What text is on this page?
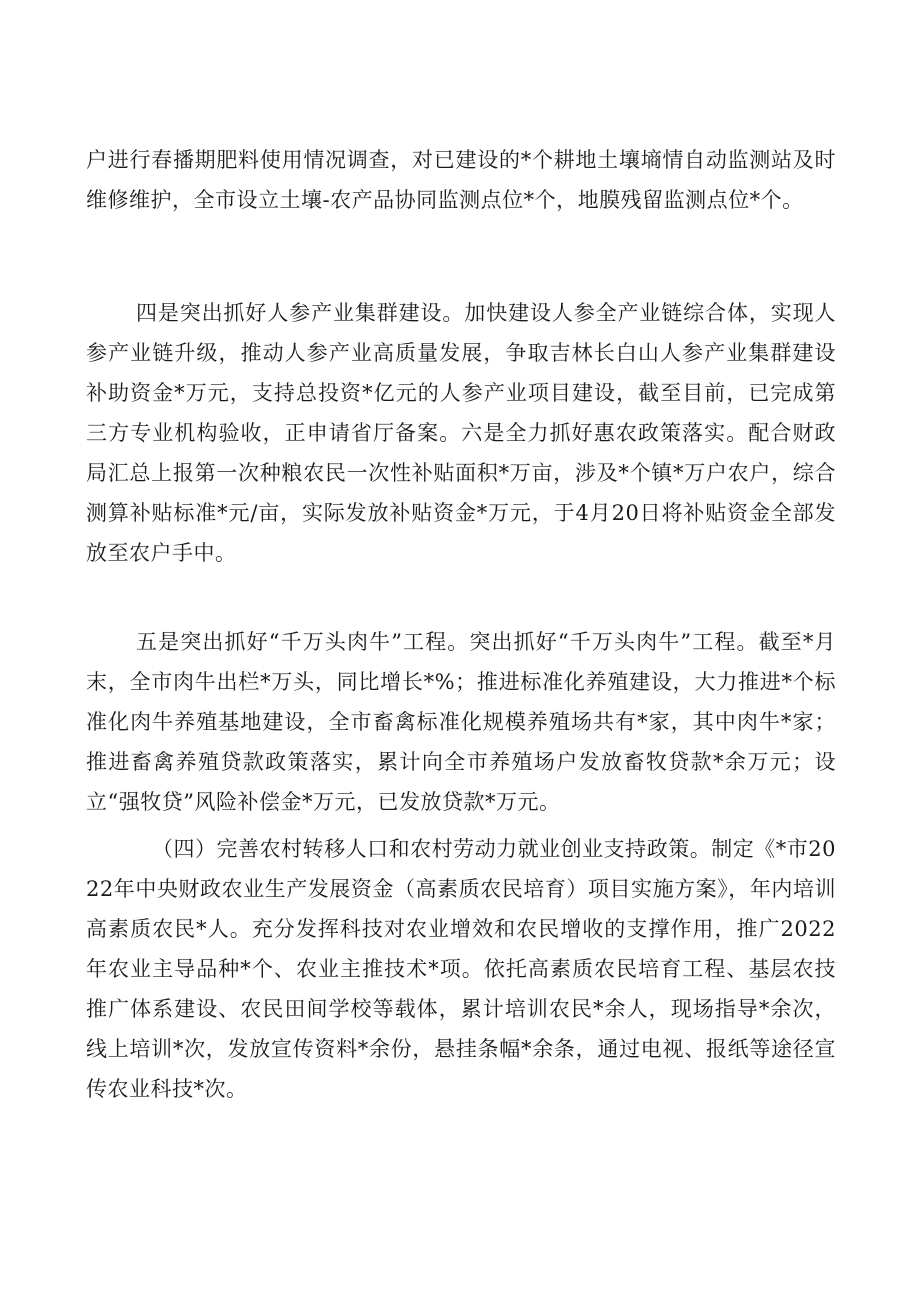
户进行春播期肥料使用情况调查，对已建设的*个耕地土壤墒情自动监测站及时维修维护，全市设立土壤-农产品协同监测点位*个，地膜残留监测点位*个。

四是突出抓好人参产业集群建设。加快建设人参全产业链综合体，实现人参产业链升级，推动人参产业高质量发展，争取吉林长白山人参产业集群建设补助资金*万元，支持总投资*亿元的人参产业项目建设，截至目前，已完成第三方专业机构验收，正申请省厅备案。六是全力抓好惠农政策落实。配合财政局汇总上报第一次种粮农民一次性补贴面积*万亩，涉及*个镇*万户农户，综合测算补贴标准*元/亩，实际发放补贴资金*万元，于4月20日将补贴资金全部发放至农户手中。

五是突出抓好“千万头肉牛”工程。突出抓好“千万头肉牛”工程。截至*月末，全市肉牛出栏*万头，同比增长*%；推进标准化养殖建设，大力推进*个标准化肉牛养殖基地建设，全市畜禽标准化规模养殖场共有*家，其中肉牛*家；推进畜禽养殖贷款政策落实，累计向全市养殖场户发放畜牧贷款*余万元；设立“强牧贷”风险补偿金*万元，已发放贷款*万元。

（四）完善农村转移人口和农村劳动力就业创业支持政策。制定《*市2022年中央财政农业生产发展资金（高素质农民培育）项目实施方案》，年内培训高素质农民*人。充分发挥科技对农业增效和农民增收的支撑作用，推广2022年农业主导品种*个、农业主推技术*项。依托高素质农民培育工程、基层农技推广体系建设、农民田间学校等载体，累计培训农民*余人，现场指导*余次，线上培训*次，发放宣传资料*余份，悬挂条幅*余条，通过电视、报纸等途径宣传农业科技*次。
